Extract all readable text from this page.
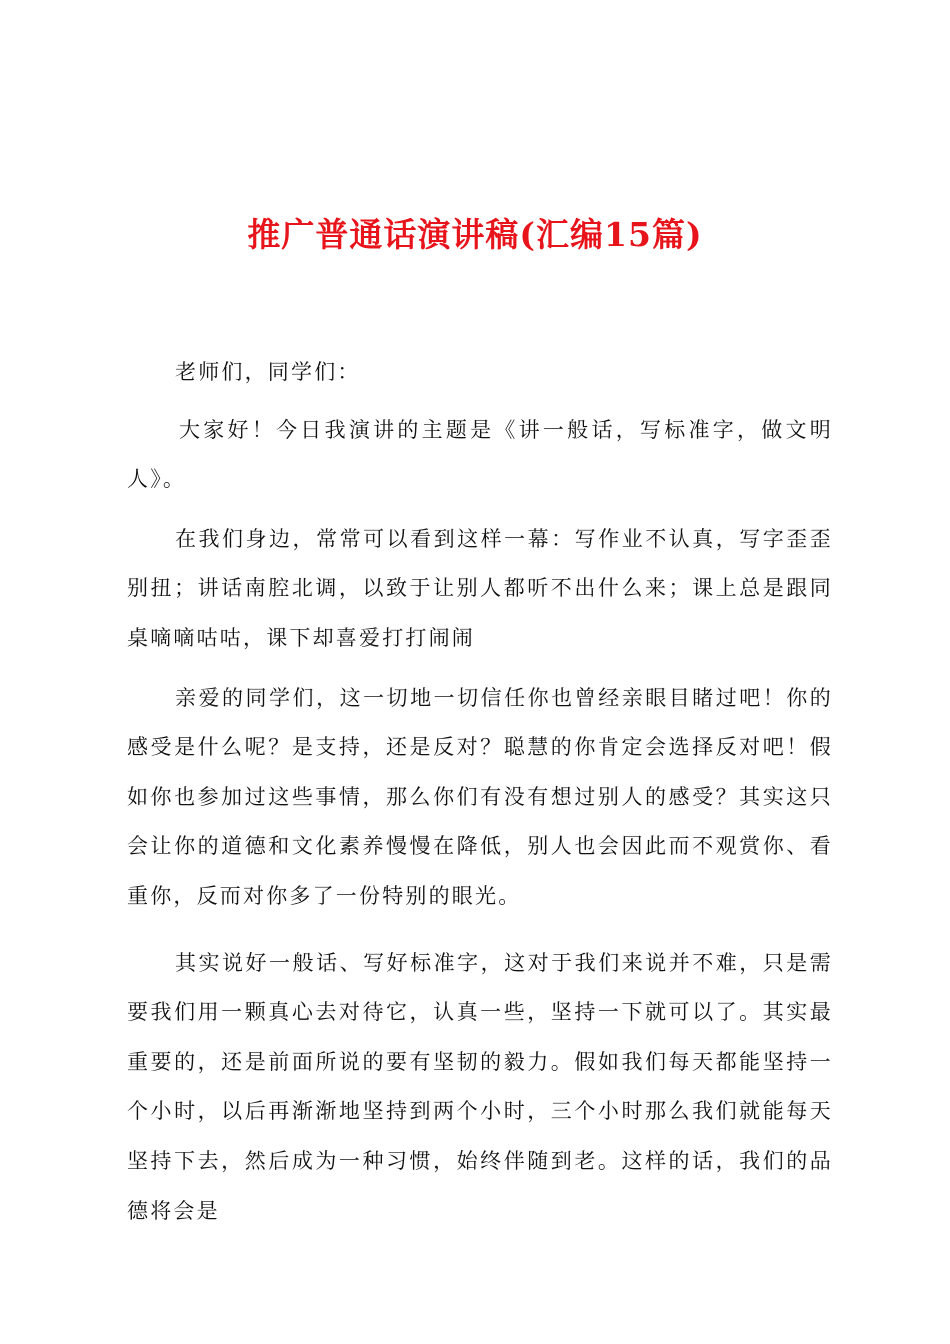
推广普通话演讲稿(汇编15篇)

老师们，同学们：

大家好！今日我演讲的主题是《讲一般话，写标准字，做文明人》。

在我们身边，常常可以看到这样一幕：写作业不认真，写字歪歪别扭；讲话南腔北调，以致于让别人都听不出什么来；课上总是跟同桌嘀嘀咕咕，课下却喜爱打打闹闹

亲爱的同学们，这一切地一切信任你也曾经亲眼目睹过吧！你的感受是什么呢？是支持，还是反对？聪慧的你肯定会选择反对吧！假如你也参加过这些事情，那么你们有没有想过别人的感受？其实这只会让你的道德和文化素养慢慢在降低，别人也会因此而不观赏你、看重你，反而对你多了一份特别的眼光。

其实说好一般话、写好标准字，这对于我们来说并不难，只是需要我们用一颗真心去对待它，认真一些，坚持一下就可以了。其实最重要的，还是前面所说的要有坚韧的毅力。假如我们每天都能坚持一个小时，以后再渐渐地坚持到两个小时，三个小时那么我们就能每天坚持下去，然后成为一种习惯，始终伴随到老。这样的话，我们的品德将会是
